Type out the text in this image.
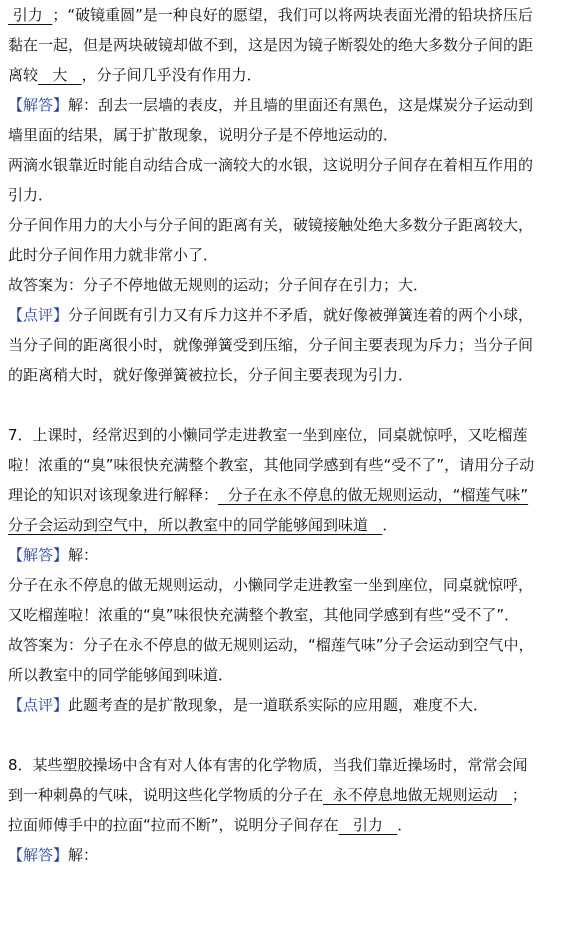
引力 ；“破镜重圆”是一种良好的愿望，我们可以将两块表面光滑的铅块挤压后
黏在一起，但是两块破镜却做不到，这是因为镜子断裂处的绝大多数分子间的距
离较 大 ，分子间几乎没有作用力．
【解答】解：刮去一层墙的表皮，并且墙的里面还有黑色，这是煤炭分子运动到
墙里面的结果，属于扩散现象，说明分子是不停地运动的．
两滴水银靠近时能自动结合成一滴较大的水银，这说明分子间存在着相互作用的
引力．
分子间作用力的大小与分子间的距离有关，破镜接触处绝大多数分子距离较大，
此时分子间作用力就非常小了．
故答案为：分子不停地做无规则的运动；分子间存在引力；大．
【点评】分子间既有引力又有斥力这并不矛盾，就好像被弹簧连着的两个小球，
当分子间的距离很小时，就像弹簧受到压缩，分子间主要表现为斥力；当分子间
的距离稍大时，就好像弹簧被拉长，分子间主要表现为引力．
7．上课时，经常迟到的小懒同学走进教室一坐到座位，同桌就惊呼，又吃榴莲
啦！浓重的“臭”味很快充满整个教室，其他同学感到有些“受不了”，请用分子动
理论的知识对该现象进行解释： 分子在永不停息的做无规则运动，“榴莲气味”
分子会运动到空气中，所以教室中的同学能够闻到味道 ．
【解答】解：
分子在永不停息的做无规则运动，小懒同学走进教室一坐到座位，同桌就惊呼，
又吃榴莲啦！浓重的“臭”味很快充满整个教室，其他同学感到有些“受不了”．
故答案为：分子在永不停息的做无规则运动，“榴莲气味”分子会运动到空气中，
所以教室中的同学能够闻到味道．
【点评】此题考查的是扩散现象，是一道联系实际的应用题，难度不大．
8．某些塑胶操场中含有对人体有害的化学物质，当我们靠近操场时，常常会闻
到一种刺鼻的气味，说明这些化学物质的分子在 永不停息地做无规则运动 ；
拉面师傅手中的拉面“拉而不断”，说明分子间存在 引力 ．
【解答】解：
